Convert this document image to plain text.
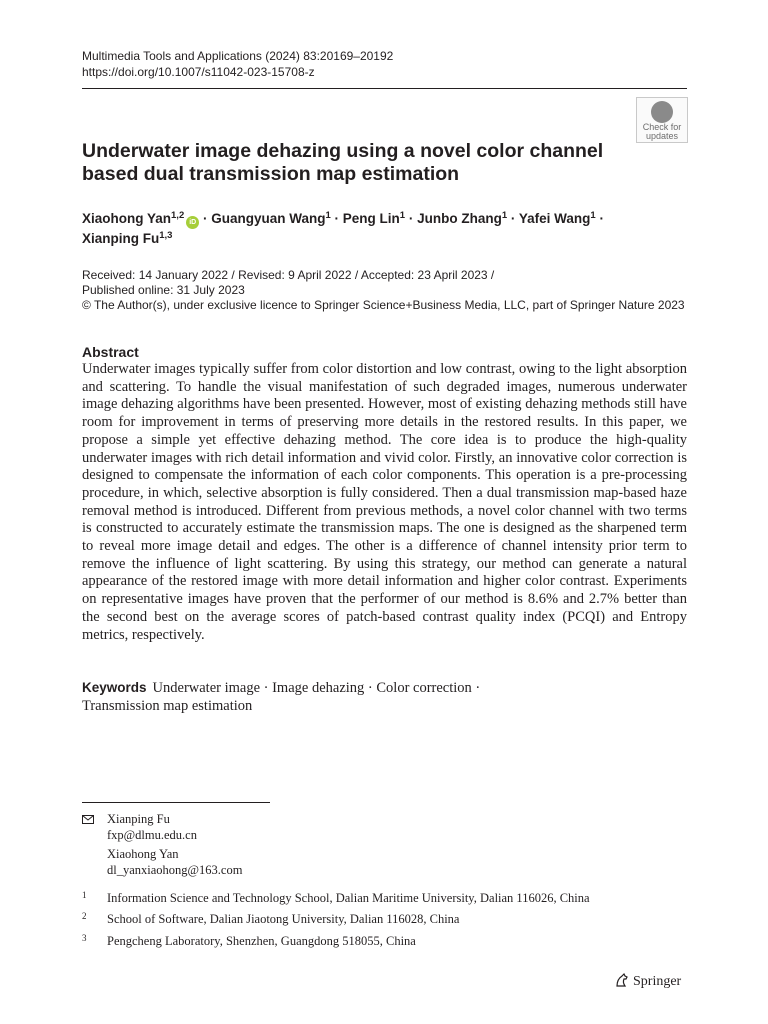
Multimedia Tools and Applications (2024) 83:20169–20192
https://doi.org/10.1007/s11042-023-15708-z
Check for
updates
Underwater image dehazing using a novel color channel
based dual transmission map estimation
Xiaohong Yan$^{1,2}$iD · Guangyuan Wang$^1$ · Peng Lin$^1$ · Junbo Zhang$^1$ · Yafei Wang$^1$ ·
Xianping Fu$^{1,3}$
Received: 14 January 2022 / Revised: 9 April 2022 / Accepted: 23 April 2023 /
Published online: 31 July 2023
© The Author(s), under exclusive licence to Springer Science+Business Media, LLC, part of Springer Nature 2023
Abstract
Underwater images typically suffer from color distortion and low contrast, owing to the light absorption and scattering. To handle the visual manifestation of such degraded images, numerous underwater image dehazing algorithms have been presented. However, most of existing dehazing methods still have room for improvement in terms of preserving more details in the restored results. In this paper, we propose a simple yet effective dehazing method. The core idea is to produce the high-quality underwater images with rich detail information and vivid color. Firstly, an innovative color correction is designed to compensate the information of each color components. This operation is a pre-processing procedure, in which, selective absorption is fully considered. Then a dual transmission map-based haze removal method is introduced. Different from previous methods, a novel color channel with two terms is constructed to accurately estimate the transmission maps. The one is designed as the sharpened term to reveal more image detail and edges. The other is a difference of channel intensity prior term to remove the influence of light scattering. By using this strategy, our method can generate a natural appearance of the restored image with more detail information and higher color contrast. Experiments on representative images have proven that the performer of our method is 8.6% and 2.7% better than the second best on the average scores of patch-based contrast quality index (PCQI) and Entropy metrics, respectively.
Keywords Underwater image · Image dehazing · Color correction ·
Transmission map estimation
Xianping Fu
fxp@dlmu.edu.cn
Xiaohong Yan
dl_yanxiaohong@163.com
1 Information Science and Technology School, Dalian Maritime University, Dalian 116026, China
2 School of Software, Dalian Jiaotong University, Dalian 116028, China
3 Pengcheng Laboratory, Shenzhen, Guangdong 518055, China
Springer
